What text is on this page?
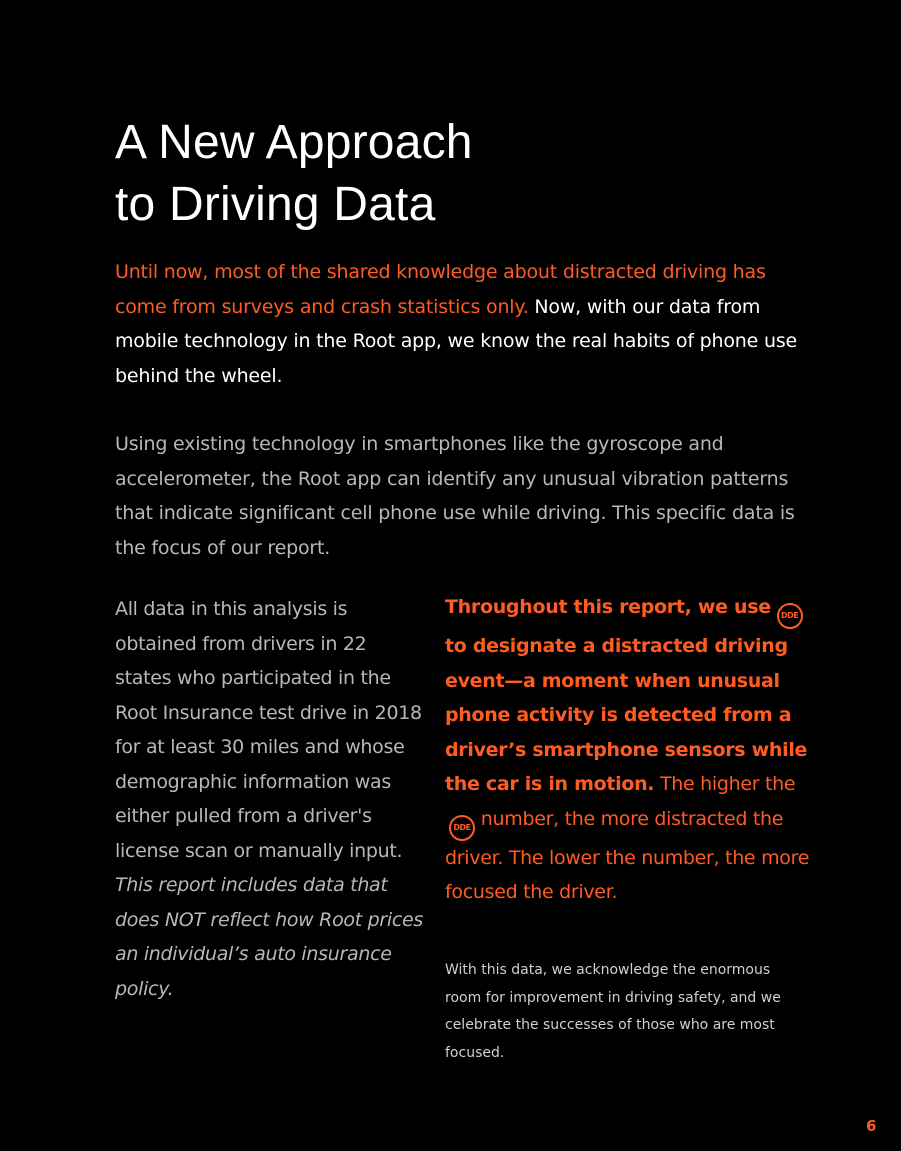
A New Approach
to Driving Data

Until now, most of the shared knowledge about distracted driving has come from surveys and crash statistics only. Now, with our data from mobile technology in the Root app, we know the real habits of phone use behind the wheel.

Using existing technology in smartphones like the gyroscope and accelerometer, the Root app can identify any unusual vibration patterns that indicate significant cell phone use while driving. This specific data is the focus of our report.

All data in this analysis is obtained from drivers in 22 states who participated in the Root Insurance test drive in 2018 for at least 30 miles and whose demographic information was either pulled from a driver's license scan or manually input.
This report includes data that does NOT reflect how Root prices an individual’s auto insurance policy.

Throughout this report, we use DDEto designate a distracted driving event—a moment when unusual phone activity is detected from a driver’s smartphone sensors while the car is in motion. The higher the DDE number, the more distracted the driver. The lower the number, the more focused the driver.

With this data, we acknowledge the enormous room for improvement in driving safety, and we celebrate the successes of those who are most focused.

6
